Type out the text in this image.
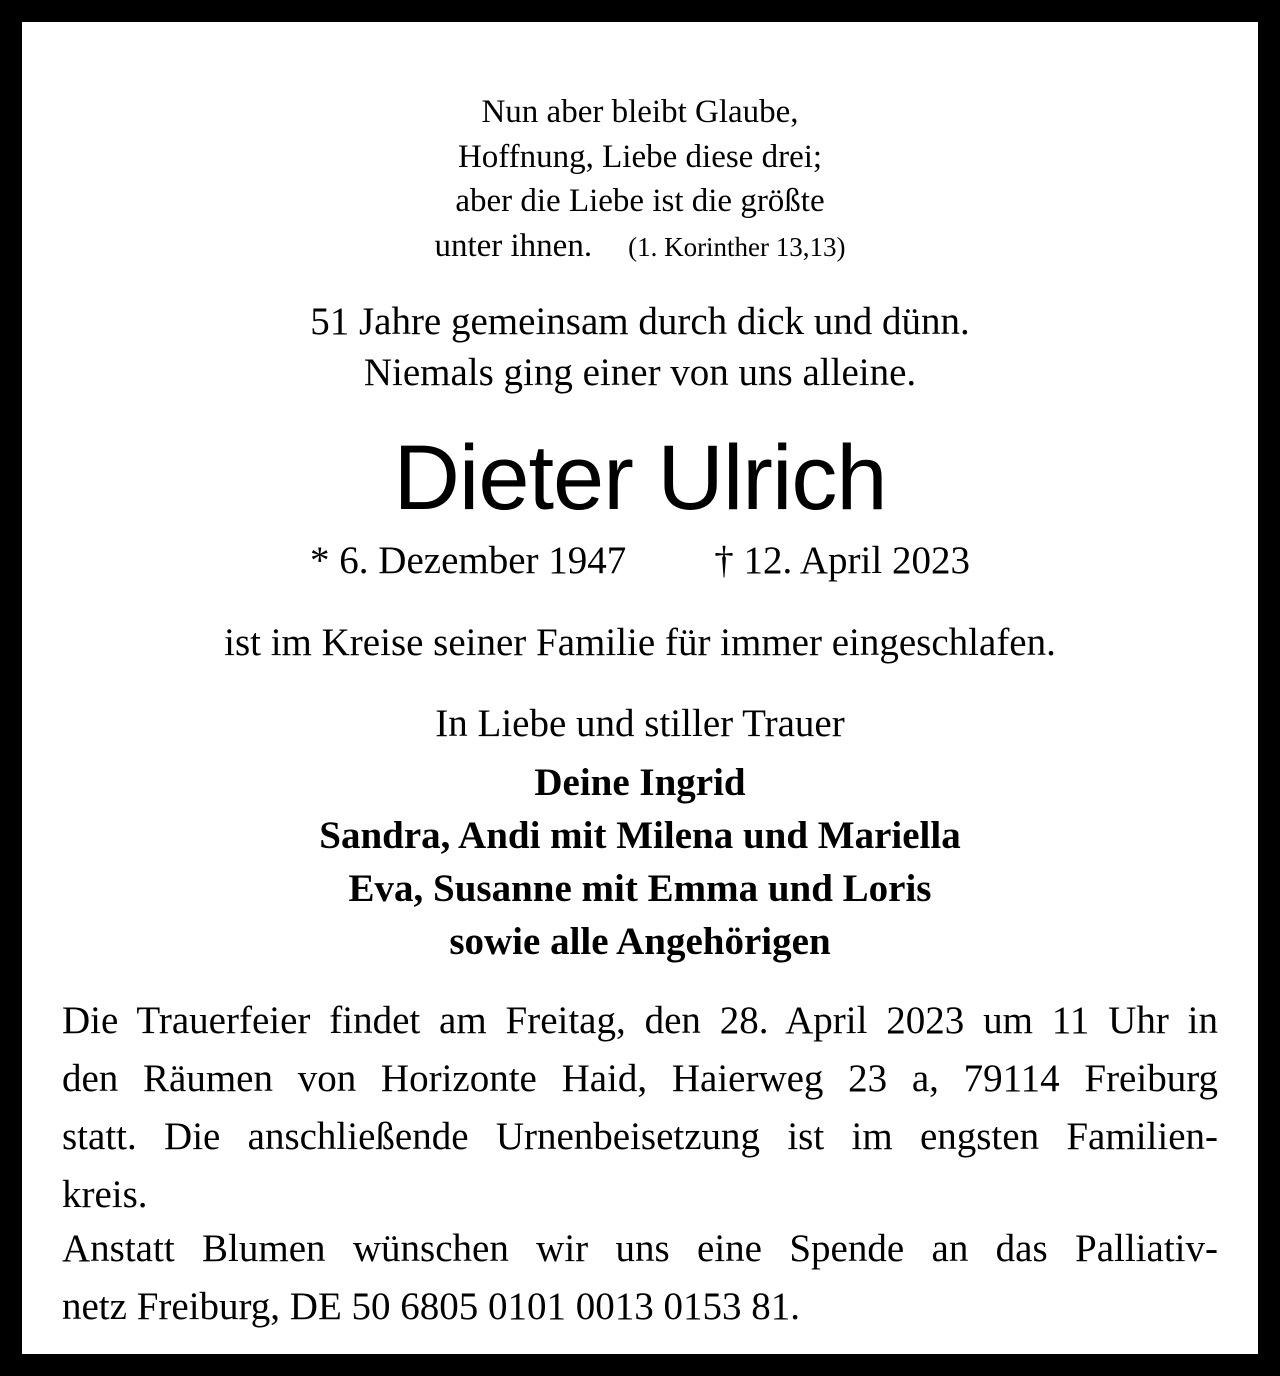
Nun aber bleibt Glaube,
Hoffnung, Liebe diese drei;
aber die Liebe ist die größte
unter ihnen. (1. Korinther 13,13)
51 Jahre gemeinsam durch dick und dünn.
Niemals ging einer von uns alleine.
Dieter Ulrich
* 6. Dezember 1947 † 12. April 2023
ist im Kreise seiner Familie für immer eingeschlafen.
In Liebe und stiller Trauer
Deine Ingrid
Sandra, Andi mit Milena und Mariella
Eva, Susanne mit Emma und Loris
sowie alle Angehörigen
Die Trauerfeier findet am Freitag, den 28. April 2023 um 11 Uhr in
den Räumen von Horizonte Haid, Haierweg 23 a, 79114 Freiburg
statt. Die anschließende Urnenbeisetzung ist im engsten Familien-
kreis.
Anstatt Blumen wünschen wir uns eine Spende an das Palliativ-
netz Freiburg, DE 50 6805 0101 0013 0153 81.
